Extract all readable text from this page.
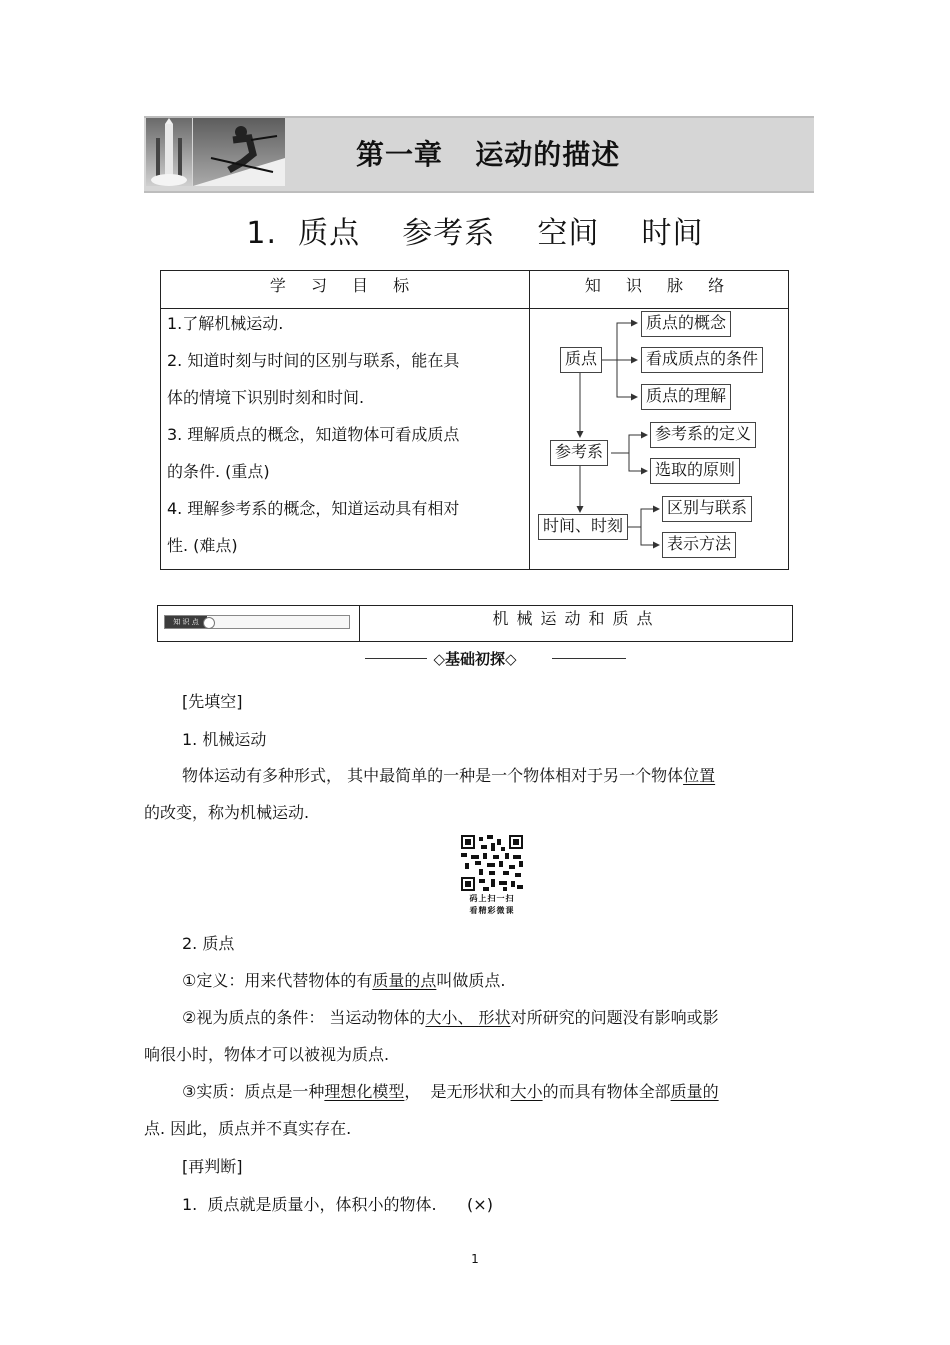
第一章   运动的描述
1.  质点    参考系    空间    时间
学 习 目 标	知 识 脉 络
1.了解机械运动.
2. 知道时刻与时间的区别与联系，能在具
体的情境下识别时刻和时间.
3. 理解质点的概念，知道物体可看成质点
的条件. (重点)
4. 理解参考系的概念，知道运动具有相对
性. (难点)
质点
质点的概念
看成质点的条件
质点的理解
参考系
参考系的定义
选取的原则
时间、时刻
区别与联系
表示方法
知 识 点	机械运动和质点
◇基础初探◇
[先填空]
1. 机械运动
物体运动有多种形式， 其中最简单的一种是一个物体相对于另一个物体位置
的改变，称为机械运动.
码上扫一扫
看精彩微课
2. 质点
①定义：用来代替物体的有质量的点叫做质点.
②视为质点的条件： 当运动物体的大小、 形状对所研究的问题没有影响或影
响很小时，物体才可以被视为质点.
③实质：质点是一种理想化模型，  是无形状和大小的而具有物体全部质量的
点. 因此，质点并不真实存在.
[再判断]
1.  质点就是质量小，体积小的物体.      (×)
1
